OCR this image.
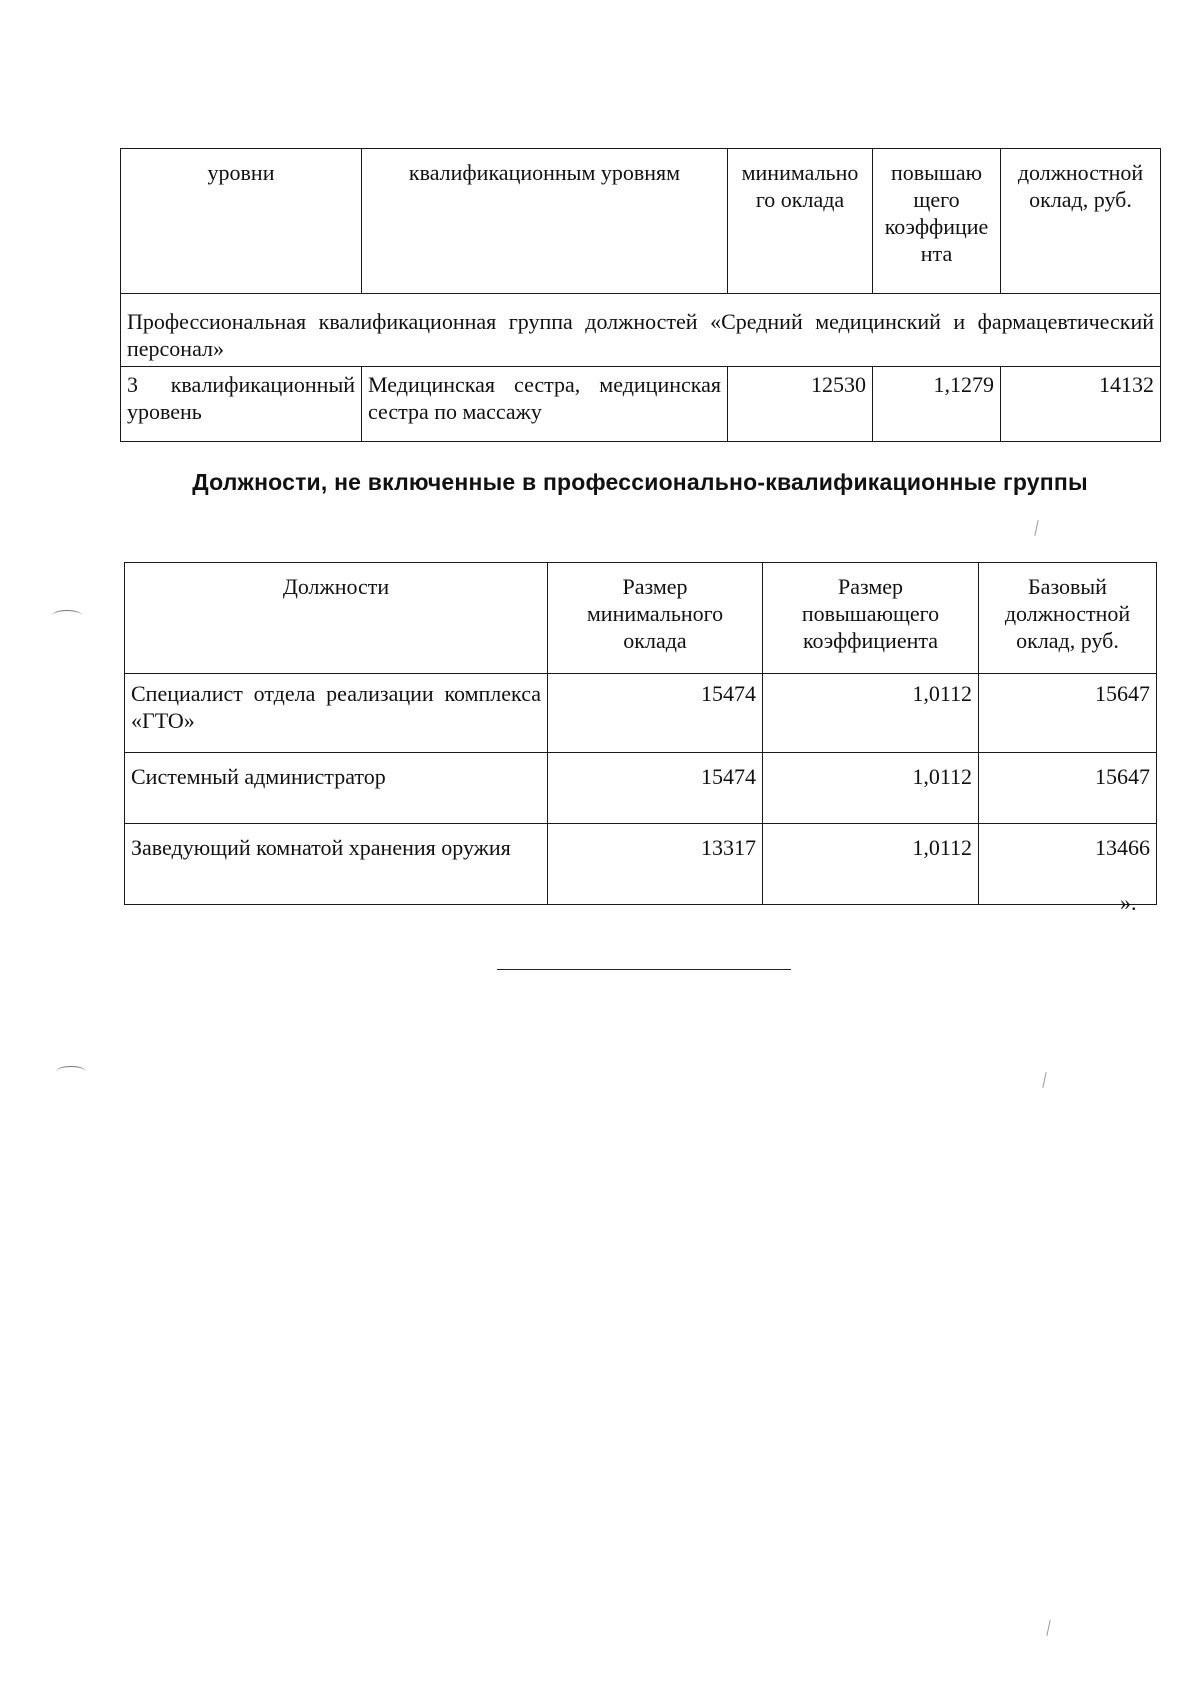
уровни	квалификационным уровням	минимально го оклада	повышаю щего коэффицие нта	должностной оклад, руб.
Профессиональная квалификационная группа должностей «Средний медицинский и фармацевтический персонал»				
3 квалификационный уровень	Медицинская сестра, медицинская сестра по массажу	12530	1,1279	14132
Должности, не включенные в профессионально-квалификационные группы
Должности	Размер минимального оклада	Размер повышающего коэффициента	Базовый должностной оклад, руб.
Специалист отдела реализации комплекса «ГТО»	15474	1,0112	15647
Системный администратор	15474	1,0112	15647
Заведующий комнатой хранения оружия	13317	1,0112	13466
».
